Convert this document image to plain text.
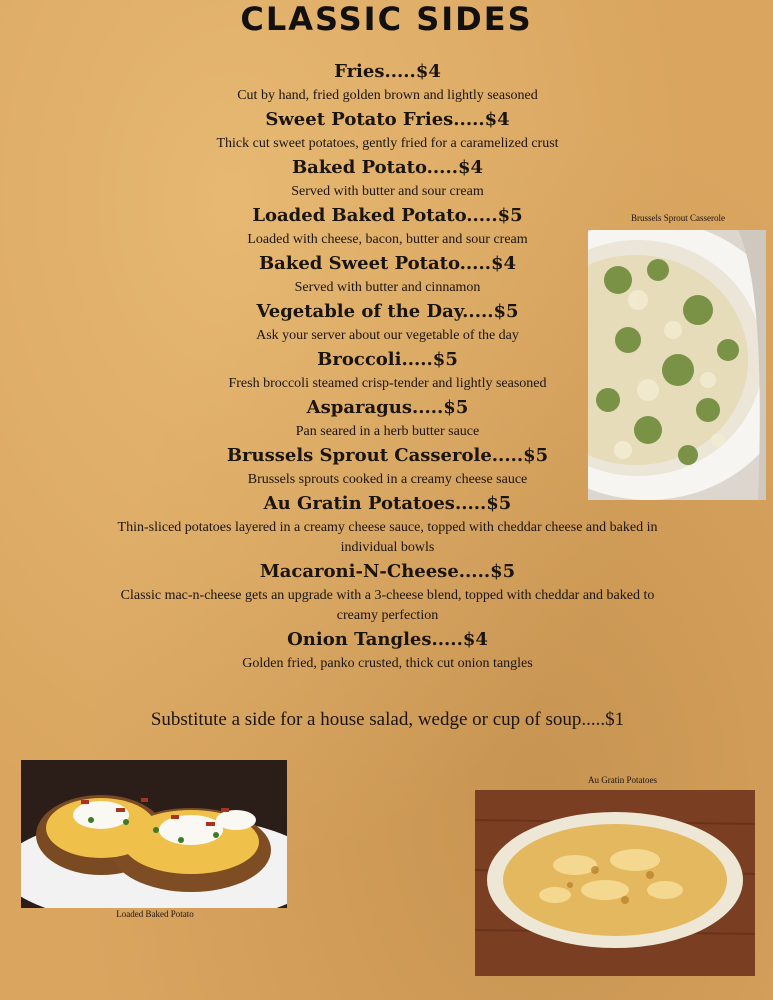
CLASSIC SIDES
Fries.....$4
Cut by hand, fried golden brown and lightly seasoned
Sweet Potato Fries.....$4
Thick cut sweet potatoes, gently fried for a caramelized crust
Baked Potato.....$4
Served with butter and sour cream
Loaded Baked Potato.....$5
Loaded with cheese, bacon, butter and sour cream
Baked Sweet Potato.....$4
Served with butter and cinnamon
Vegetable of the Day.....$5
Ask your server about our vegetable of the day
Broccoli.....$5
Fresh broccoli steamed crisp-tender and lightly seasoned
Asparagus.....$5
Pan seared in a herb butter sauce
Brussels Sprout Casserole.....$5
Brussels sprouts cooked in a creamy cheese sauce
Au Gratin Potatoes.....$5
Thin-sliced potatoes layered in a creamy cheese sauce, topped with cheddar cheese and baked in individual bowls
Macaroni-N-Cheese.....$5
Classic mac-n-cheese gets an upgrade with a 3-cheese blend, topped with cheddar and baked to creamy perfection
Onion Tangles.....$4
Golden fried, panko crusted, thick cut onion tangles
Substitute a side for a house salad, wedge or cup of soup.....$1
Brussels Sprout Casserole
Au Gratin Potatoes
Loaded Baked Potato
